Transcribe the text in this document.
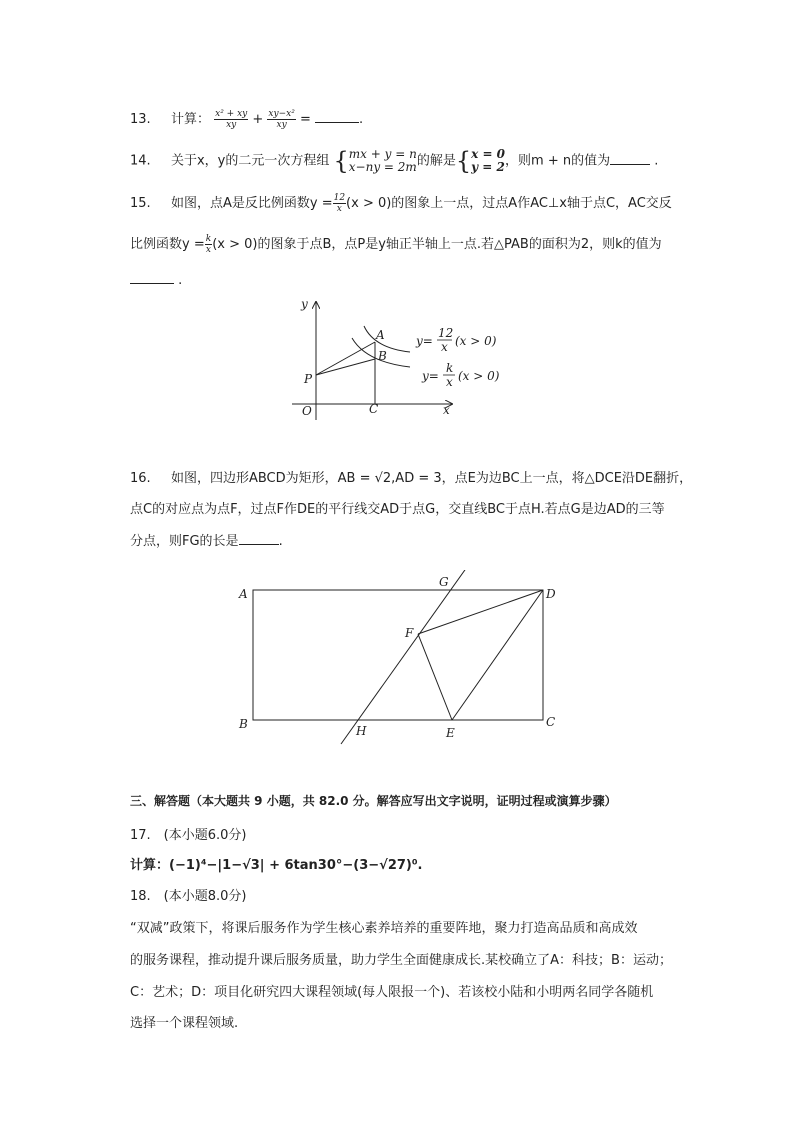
13. 计算： $\frac{\text{x² + xy}}{xy} + \frac{\text{xy−x²}}{xy}$ =	.
14. 关于x，y的二元一次方程组 { mx + y = n
x−ny = 2m 的解是{ x = 0
y = 2 ，则m + n的值为	.
15. 如图，点A是反比例函数$y = \frac{12}{x} (x > 0)$的图象上一点，过点A作AC⊥x轴于点C，AC交反
比例函数$y = \frac{k}{x} (x > 0)$的图象于点B，点P是y轴正半轴上一点.若△PAB的面积为2，则k的值为
.
y
x
O
A
B
C
P
y=
12
x (x > 0)
y=
k
x (x > 0)
16. 如图，四边形ABCD为矩形，AB = √2,AD = 3，点E为边BC上一点，将△DCE沿DE翻折，
点C的对应点为点F，过点F作DE的平行线交AD于点G，交直线BC于点H.若点G是边AD的三等
分点，则FG的长是	.
A
B	C
D
E
F
G
H
三、解答题（本大题共 9 小题，共 82.0 分。解答应写出文字说明，证明过程或演算步骤）
17.　(本小题6.0分)
计算：(−1)⁴−|1−√3| + 6tan30°−(3−√27)⁰.
18.　(本小题8.0分)
“双减”政策下，将课后服务作为学生核心素养培养的重要阵地，聚力打造高品质和高成效
的服务课程，推动提升课后服务质量，助力学生全面健康成长.某校确立了A：科技；B：运动；
C：艺术；D：项目化研究四大课程领域(每人限报一个)、若该校小陆和小明两名同学各随机
选择一个课程领域.
